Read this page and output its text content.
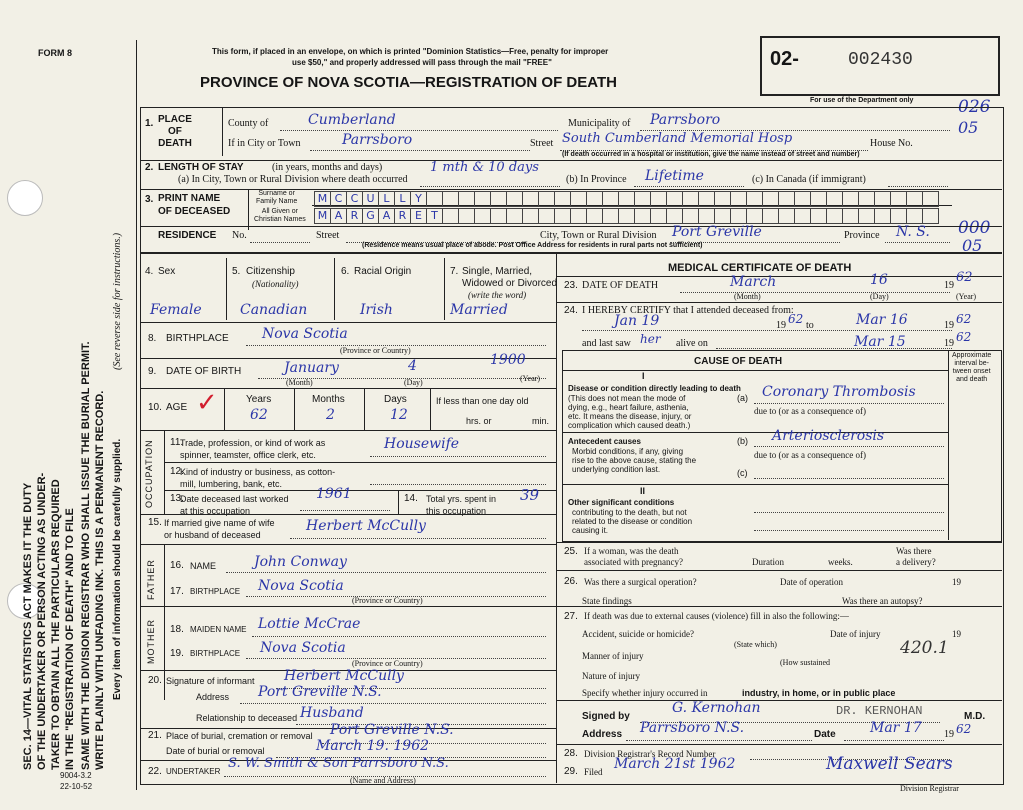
FORM 8	This form, if placed in an envelope, on which is printed "Dominion Statistics—Free, penalty for improper
use $50," and properly addressed will pass through the mail "FREE"
PROVINCE OF NOVA SCOTIA—REGISTRATION OF DEATH
02-	002430
For use of the Department only	026
05
000
05
SEC. 14—VITAL STATISTICS ACT MAKES IT THE DUTY OF THE UNDERTAKER OR PERSON ACTING AS UNDER- TAKER TO OBTAIN ALL THE PARTICULARS REQUIRED IN THE "REGISTRATION OF DEATH" AND TO FILE SAME WITH THE DIVISION REGISTRAR WHO SHALL ISSUE THE BURIAL PERMIT. WRITE PLAINLY WITH UNFADING INK. THIS IS A PERMANENT RECORD. Every item of information should be carefully supplied.
(See reverse side for instructions.)
9004-3.2
22-10-52
1. PLACE
OF
DEATH
County of	Cumberland	Municipality of Parrsboro
If in City or Town	Parrsboro	Street South Cumberland Memorial Hosp	House No.
(If death occurred in a hospital or institution, give the name instead of street and number)
2. LENGTH OF STAY	(in years, months and days)
(a) In City, Town or Rural Division where death occurred
1 mth & 10 days
(b) In Province Lifetime	(c) In Canada (if immigrant)
3. PRINT NAME
OF DECEASED
Surname or
Family Name
All Given or
Christian Names
M C C U L L Y
M A R G A R E T
RESIDENCE No.	Street	City, Town or Rural Division Port Greville	Province N. S.
(Residence means usual place of abode. Post Office Address for residents in rural parts not sufficient)
4. Sex	5. Citizenship
(Nationality)
6. Racial Origin	7. Single, Married,
Widowed or Divorced
(write the word)
Female	Canadian	Irish	Married
8. BIRTHPLACE Nova Scotia
(Province or Country)
9. DATE OF BIRTH	January	4	1900
(Month)	(Day)	(Year)
10. AGE ✓	Years	Months	Days
62	2	12
If less than one day old
hrs. or	min.
OCCUPATION 11.
Trade, profession, or kind of work as
spinner, teamster, office clerk, etc.
Housewife
12.
Kind of industry or business, as cotton-
mill, lumbering, bank, etc.
13.
Date deceased last worked
at this occupation
1961	14. Total yrs. spent in
this occupation
39
15. If married give name of wife
or husband of deceased
Herbert McCully
FATHER 16. NAME	John Conway
17. BIRTHPLACE Nova Scotia
(Province or Country)
MOTHER 18. MAIDEN NAME Lottie McCrae
19. BIRTHPLACE Nova Scotia
(Province or Country)
20. Signature of informant Herbert McCully
Address Port Greville N.S.
Relationship to deceased Husband
21. Place of burial, cremation or removal Port Greville N.S.
Date of burial or removal	March 19. 1962
22. UNDERTAKER
S. W. Smith & Son Parrsboro N.S.
(Name and Address)
MEDICAL CERTIFICATE OF DEATH
23. DATE OF DEATH	March	16	19
62
(Month)	(Day)	(Year)
24. I HEREBY CERTIFY that I attended deceased from:
Jan 19	19 62 to	Mar 16	19 62
and last saw her alive on	Mar 15	19 62
CAUSE OF DEATH
Approximate
interval be-
tween onset
and death
I
Disease or condition directly leading to death
(This does not mean the mode of
dying, e.g., heart failure, asthenia,
etc. It means the disease, injury, or
complication which caused death.)
(a) Coronary Thrombosis
due to (or as a consequence of)
Antecedent causes
Morbid conditions, if any, giving
rise to the above cause, stating the
underlying condition last.
(b) Arteriosclerosis
due to (or as a consequence of)
(c)
II
Other significant conditions
contributing to the death, but not
related to the disease or condition
causing it.
25. If a woman, was the death
associated with pregnancy?	Duration	weeks.
Was there
a delivery?
26. Was there a surgical operation?	Date of operation	19
State findings	Was there an autopsy?
27. If death was due to external causes (violence) fill in also the following:—
Accident, suicide or homicide?
(State which)
Date of injury	19
Manner of injury	420.1
(How sustained
Nature of injury
Specify whether injury occurred in	industry, in home, or in public place
Signed by
G. Kernohan	DR. KERNOHAN	M.D.
Address Parrsboro N.S.	Date Mar 17 19 62
28. Division Registrar's Record Number
29. Filed March 21st 1962	Maxwell Sears
Division Registrar
